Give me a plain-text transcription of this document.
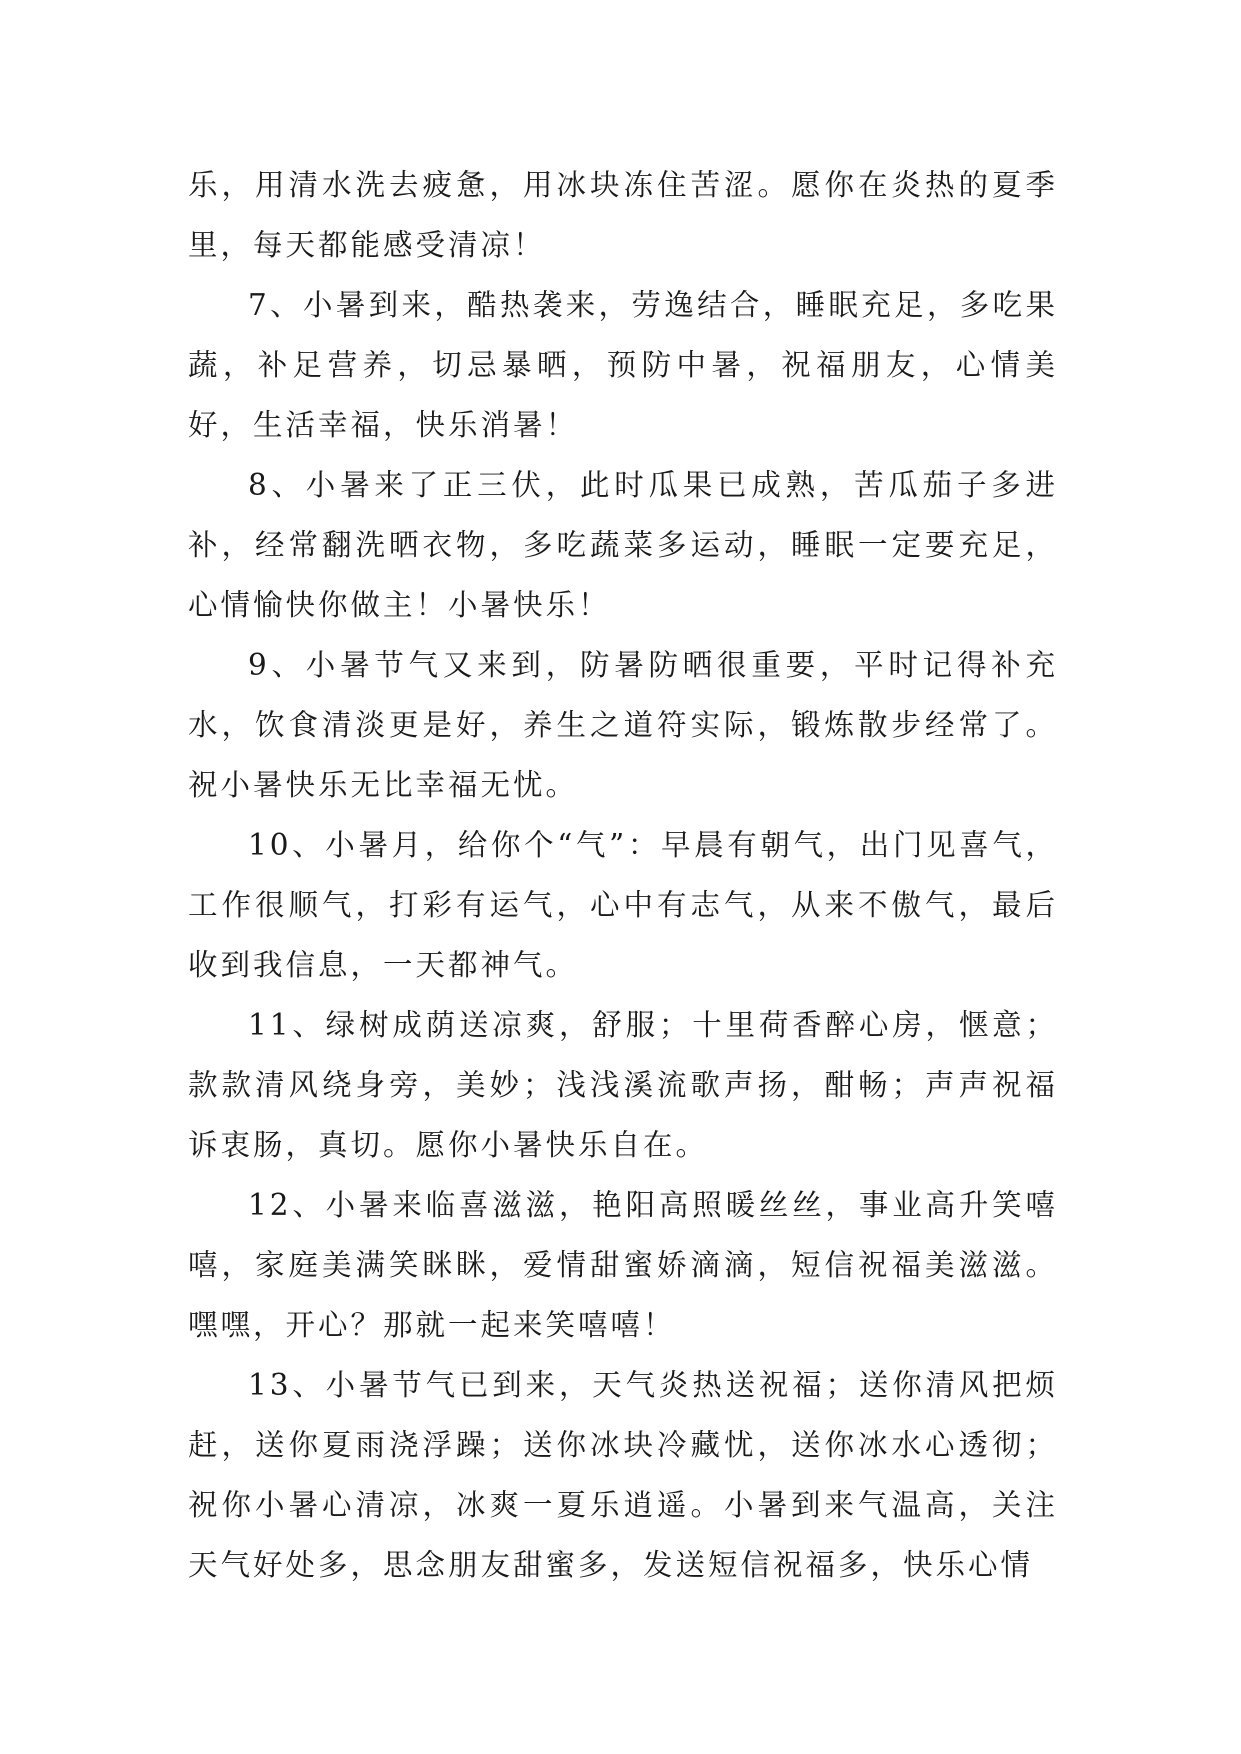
乐，用清水洗去疲惫，用冰块冻住苦涩。愿你在炎热的夏季里，每天都能感受清凉！

7、小暑到来，酷热袭来，劳逸结合，睡眠充足，多吃果蔬，补足营养，切忌暴晒，预防中暑，祝福朋友，心情美好，生活幸福，快乐消暑！

8、小暑来了正三伏，此时瓜果已成熟，苦瓜茄子多进补，经常翻洗晒衣物，多吃蔬菜多运动，睡眠一定要充足，心情愉快你做主！小暑快乐！

9、小暑节气又来到，防暑防晒很重要，平时记得补充水，饮食清淡更是好，养生之道符实际，锻炼散步经常了。祝小暑快乐无比幸福无忧。

10、小暑月，给你个“气”：早晨有朝气，出门见喜气，工作很顺气，打彩有运气，心中有志气，从来不傲气，最后收到我信息，一天都神气。

11、绿树成荫送凉爽，舒服；十里荷香醉心房，惬意；款款清风绕身旁，美妙；浅浅溪流歌声扬，酣畅；声声祝福诉衷肠，真切。愿你小暑快乐自在。

12、小暑来临喜滋滋，艳阳高照暖丝丝，事业高升笑嘻嘻，家庭美满笑眯眯，爱情甜蜜娇滴滴，短信祝福美滋滋。嘿嘿，开心？那就一起来笑嘻嘻！

13、小暑节气已到来，天气炎热送祝福；送你清风把烦赶，送你夏雨浇浮躁；送你冰块冷藏忧，送你冰水心透彻；祝你小暑心清凉，冰爽一夏乐逍遥。小暑到来气温高，关注天气好处多，思念朋友甜蜜多，发送短信祝福多，快乐心情
